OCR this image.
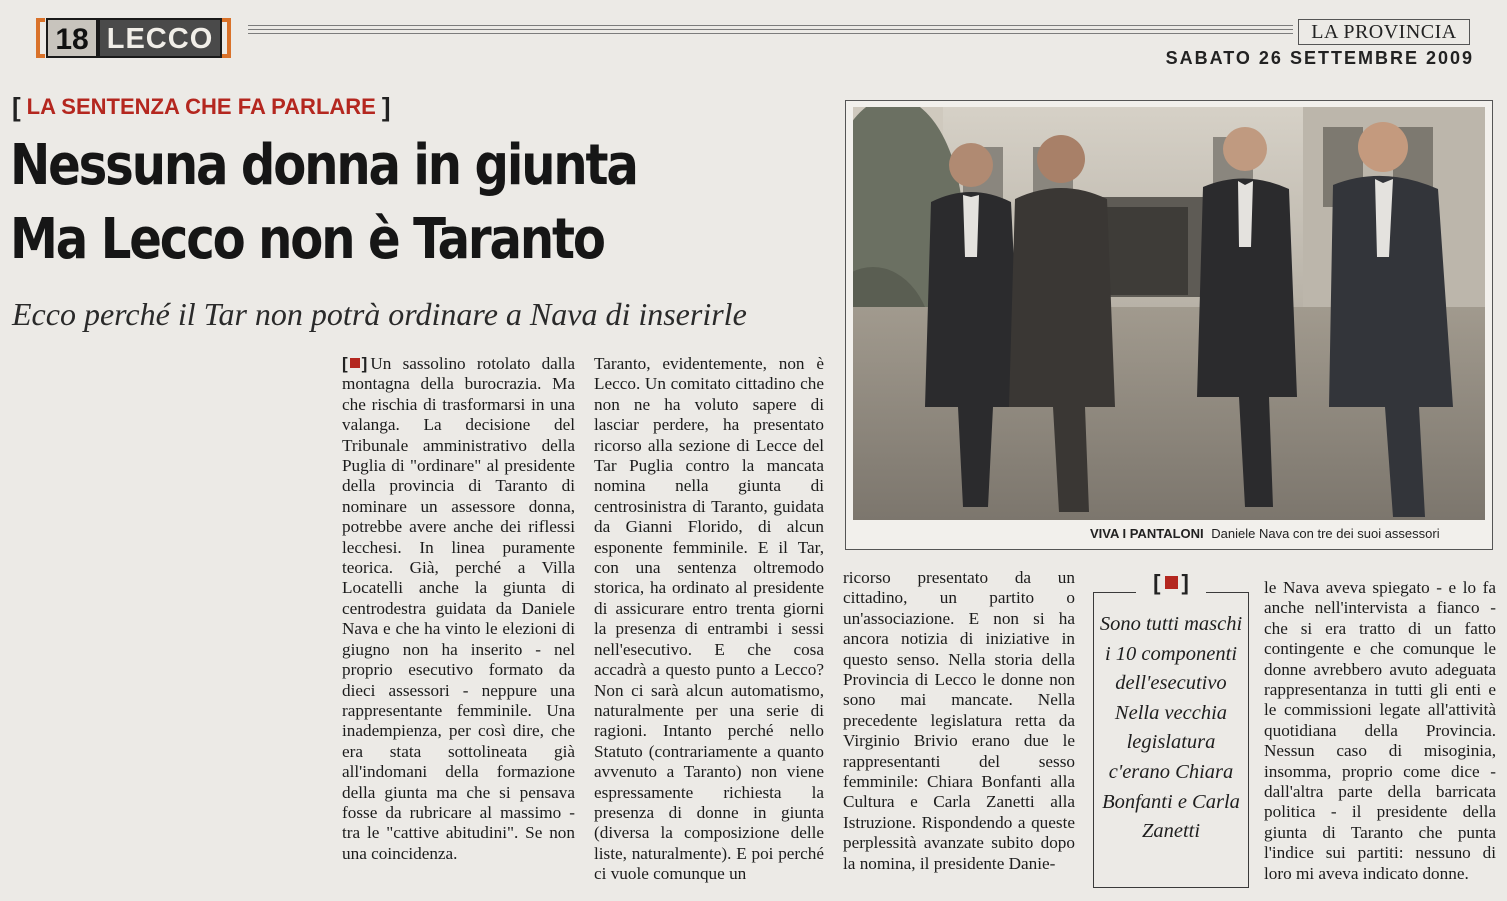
18 LECCO	LA PROVINCIA
SABATO 26 SETTEMBRE 2009
[ LA SENTENZA CHE FA PARLARE ]
Nessuna donna in giunta
Ma Lecco non è Taranto
Ecco perché il Tar non potrà ordinare a Nava di inserirle
VIVA I PANTALONI Daniele Nava con tre dei suoi assessori
[ ] Un sassolino rotolato dalla montagna della burocrazia. Ma che rischia di trasformarsi in una valanga. La decisione del Tribunale amministrativo della Puglia di "ordinare" al presidente della provincia di Taranto di nominare un assessore donna, potrebbe avere anche dei riflessi lecchesi. In linea puramente teorica. Già, perché a Villa Locatelli anche la giunta di centrodestra guidata da Daniele Nava e che ha vinto le elezioni di giugno non ha inserito - nel proprio esecutivo formato da dieci assessori - neppure una rappresentante femminile. Una inadempienza, per così dire, che era stata sottolineata già all'indomani della formazione della giunta ma che si pensava fosse da rubricare al massimo - tra le "cattive abitudini". Se non una coincidenza.
Taranto, evidentemente, non è Lecco. Un comitato cittadino che non ne ha voluto sapere di lasciar perdere, ha presentato ricorso alla sezione di Lecce del Tar Puglia contro la mancata nomina nella giunta di centrosinistra di Taranto, guidata da Gianni Florido, di alcun esponente femminile. E il Tar, con una sentenza oltremodo storica, ha ordinato al presidente di assicurare entro trenta giorni la presenza di entrambi i sessi nell'esecutivo. E che cosa accadrà a questo punto a Lecco? Non ci sarà alcun automatismo, naturalmente per una serie di ragioni. Intanto perché nello Statuto (contrariamente a quanto avvenuto a Taranto) non viene espressamente richiesta la presenza di donne in giunta (diversa la composizione delle liste, naturalmente). E poi perché ci vuole comunque un
ricorso presentato da un cittadino, un partito o un'associazione. E non si ha ancora notizia di iniziative in questo senso. Nella storia della Provincia di Lecco le donne non sono mai mancate. Nella precedente legislatura retta da Virginio Brivio erano due le rappresentanti del sesso femminile: Chiara Bonfanti alla Cultura e Carla Zanetti alla Istruzione. Rispondendo a queste perplessità avanzate subito dopo la nomina, il presidente Danie-
le Nava aveva spiegato - e lo fa anche nell'intervista a fianco - che si era tratto di un fatto contingente e che comunque le donne avrebbero avuto adeguata rappresentanza in tutti gli enti e le commissioni legate all'attività quotidiana della Provincia. Nessun caso di misoginia, insomma, proprio come dice - dall'altra parte della barricata politica - il presidente della giunta di Taranto che punta l'indice sui partiti: nessuno di loro mi aveva indicato donne.
[ ]
Sono tutti maschi i 10 componenti dell'esecutivo Nella vecchia legislatura c'erano Chiara Bonfanti e Carla Zanetti
